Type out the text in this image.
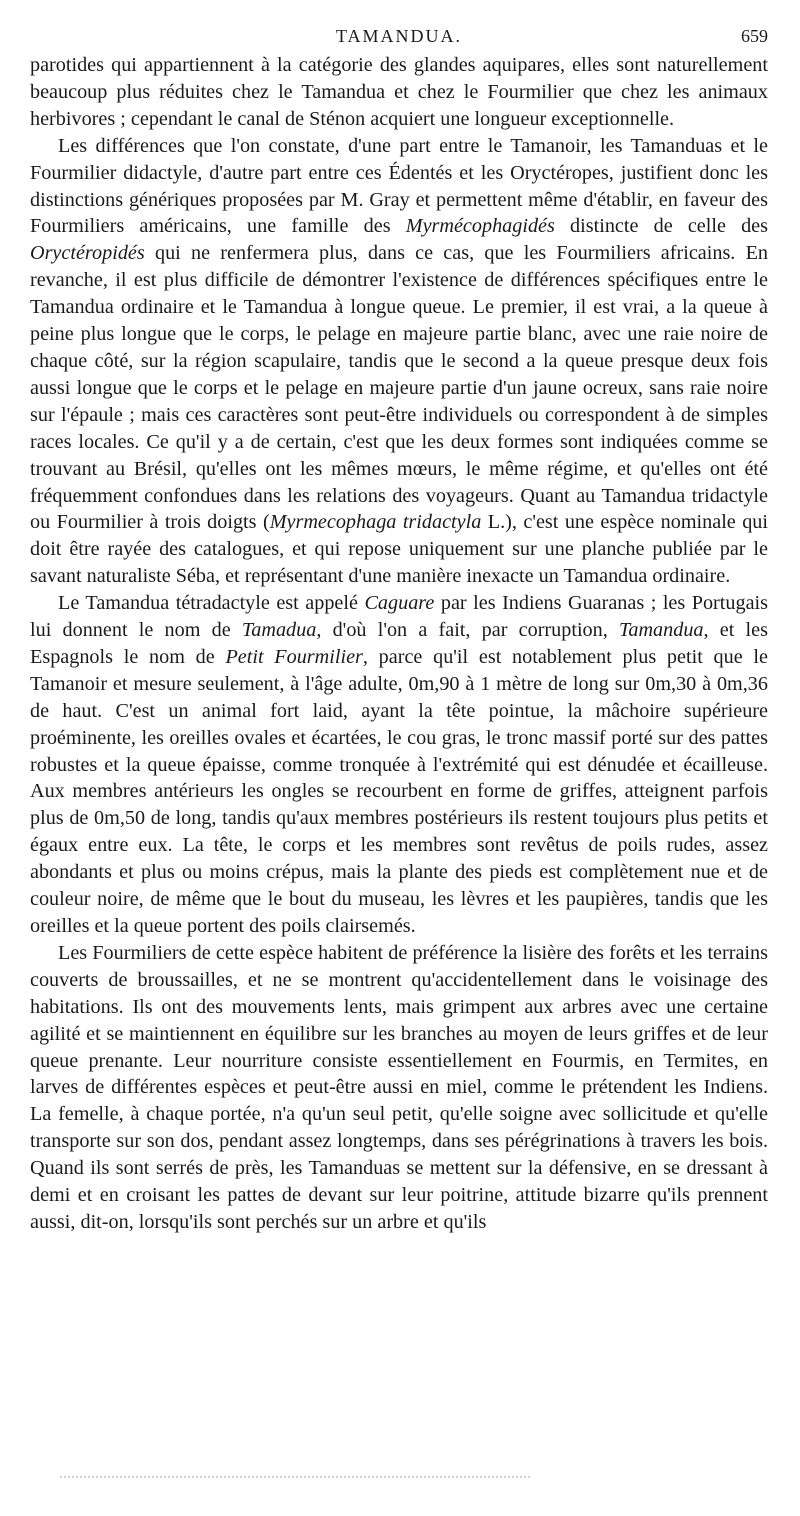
TAMANDUA.	659

parotides qui appartiennent à la catégorie des glandes aquipares, elles sont naturellement beaucoup plus réduites chez le Tamandua et chez le Fourmilier que chez les animaux herbivores ; cependant le canal de Sténon acquiert une longueur exceptionnelle.

Les différences que l'on constate, d'une part entre le Tamanoir, les Tamanduas et le Fourmilier didactyle, d'autre part entre ces Édentés et les Oryctéropes, justifient donc les distinctions génériques proposées par M. Gray et permettent même d'établir, en faveur des Fourmiliers américains, une famille des Myrmécophagidés distincte de celle des Oryctéropidés qui ne renfermera plus, dans ce cas, que les Fourmiliers africains. En revanche, il est plus difficile de démontrer l'existence de différences spécifiques entre le Tamandua ordinaire et le Tamandua à longue queue. Le premier, il est vrai, a la queue à peine plus longue que le corps, le pelage en majeure partie blanc, avec une raie noire de chaque côté, sur la région scapulaire, tandis que le second a la queue presque deux fois aussi longue que le corps et le pelage en majeure partie d'un jaune ocreux, sans raie noire sur l'épaule ; mais ces caractères sont peut-être individuels ou correspondent à de simples races locales. Ce qu'il y a de certain, c'est que les deux formes sont indiquées comme se trouvant au Brésil, qu'elles ont les mêmes mœurs, le même régime, et qu'elles ont été fréquemment confondues dans les relations des voyageurs. Quant au Tamandua tridactyle ou Fourmilier à trois doigts (Myrmecophaga tridactyla L.), c'est une espèce nominale qui doit être rayée des catalogues, et qui repose uniquement sur une planche publiée par le savant naturaliste Séba, et représentant d'une manière inexacte un Tamandua ordinaire.

Le Tamandua tétradactyle est appelé Caguare par les Indiens Guaranas ; les Portugais lui donnent le nom de Tamadua, d'où l'on a fait, par corruption, Tamandua, et les Espagnols le nom de Petit Fourmilier, parce qu'il est notablement plus petit que le Tamanoir et mesure seulement, à l'âge adulte, 0m,90 à 1 mètre de long sur 0m,30 à 0m,36 de haut. C'est un animal fort laid, ayant la tête pointue, la mâchoire supérieure proéminente, les oreilles ovales et écartées, le cou gras, le tronc massif porté sur des pattes robustes et la queue épaisse, comme tronquée à l'extrémité qui est dénudée et écailleuse. Aux membres antérieurs les ongles se recourbent en forme de griffes, atteignent parfois plus de 0m,50 de long, tandis qu'aux membres postérieurs ils restent toujours plus petits et égaux entre eux. La tête, le corps et les membres sont revêtus de poils rudes, assez abondants et plus ou moins crépus, mais la plante des pieds est complètement nue et de couleur noire, de même que le bout du museau, les lèvres et les paupières, tandis que les oreilles et la queue portent des poils clairsemés.

Les Fourmiliers de cette espèce habitent de préférence la lisière des forêts et les terrains couverts de broussailles, et ne se montrent qu'accidentellement dans le voisinage des habitations. Ils ont des mouvements lents, mais grimpent aux arbres avec une certaine agilité et se maintiennent en équilibre sur les branches au moyen de leurs griffes et de leur queue prenante. Leur nourriture consiste essentiellement en Fourmis, en Termites, en larves de différentes espèces et peut-être aussi en miel, comme le prétendent les Indiens. La femelle, à chaque portée, n'a qu'un seul petit, qu'elle soigne avec sollicitude et qu'elle transporte sur son dos, pendant assez longtemps, dans ses pérégrinations à travers les bois. Quand ils sont serrés de près, les Tamanduas se mettent sur la défensive, en se dressant à demi et en croisant les pattes de devant sur leur poitrine, attitude bizarre qu'ils prennent aussi, dit-on, lorsqu'ils sont perchés sur un arbre et qu'ils
